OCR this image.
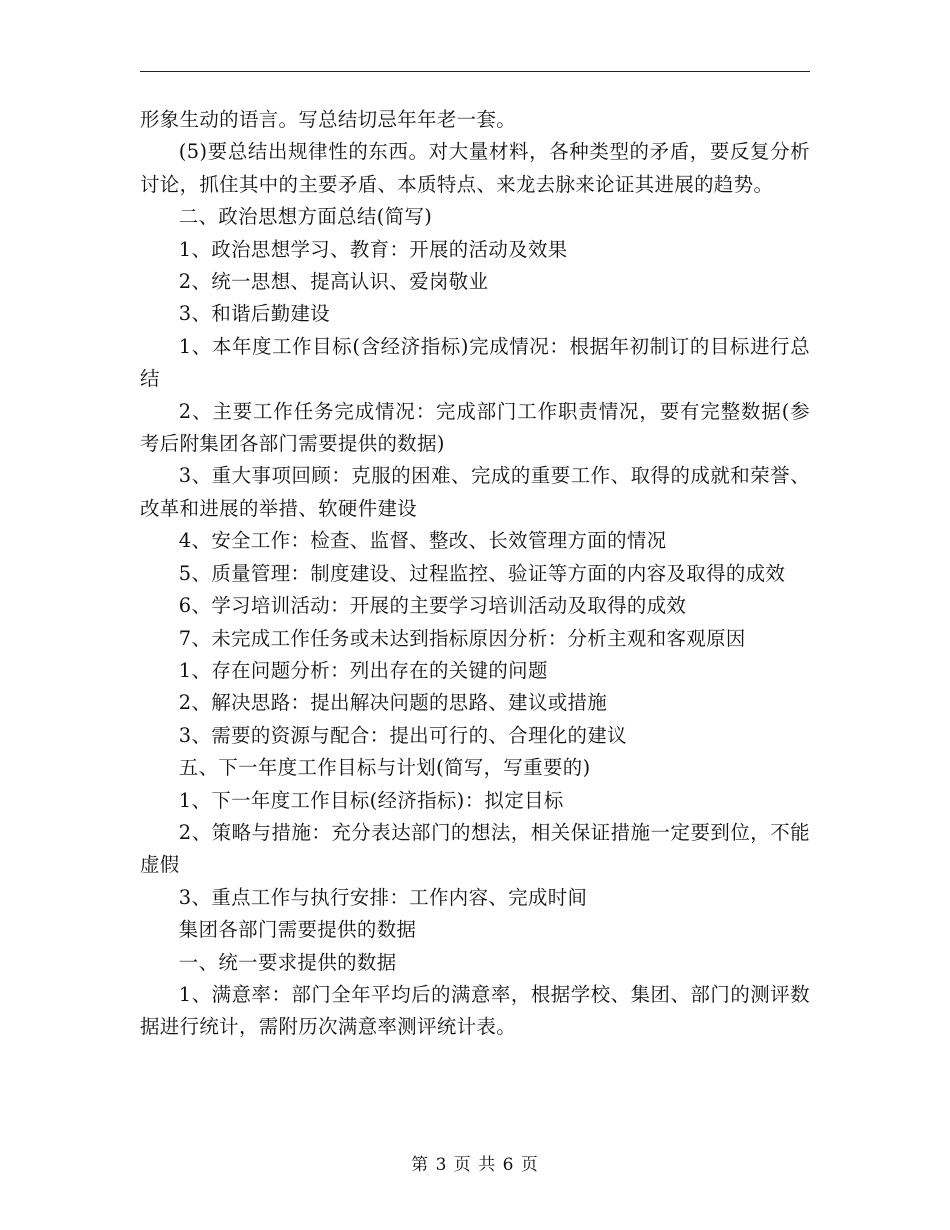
形象生动的语言。写总结切忌年年老一套。

(5)要总结出规律性的东西。对大量材料，各种类型的矛盾，要反复分析讨论，抓住其中的主要矛盾、本质特点、来龙去脉来论证其进展的趋势。

二、政治思想方面总结(简写)

1、政治思想学习、教育：开展的活动及效果

2、统一思想、提高认识、爱岗敬业

3、和谐后勤建设

1、本年度工作目标(含经济指标)完成情况：根据年初制订的目标进行总结

2、主要工作任务完成情况：完成部门工作职责情况，要有完整数据(参考后附集团各部门需要提供的数据)

3、重大事项回顾：克服的困难、完成的重要工作、取得的成就和荣誉、改革和进展的举措、软硬件建设

4、安全工作：检查、监督、整改、长效管理方面的情况

5、质量管理：制度建设、过程监控、验证等方面的内容及取得的成效

6、学习培训活动：开展的主要学习培训活动及取得的成效

7、未完成工作任务或未达到指标原因分析：分析主观和客观原因

1、存在问题分析：列出存在的关键的问题

2、解决思路：提出解决问题的思路、建议或措施

3、需要的资源与配合：提出可行的、合理化的建议

五、下一年度工作目标与计划(简写，写重要的)

1、下一年度工作目标(经济指标)：拟定目标

2、策略与措施：充分表达部门的想法，相关保证措施一定要到位，不能虚假

3、重点工作与执行安排：工作内容、完成时间

集团各部门需要提供的数据

一、统一要求提供的数据

1、满意率：部门全年平均后的满意率，根据学校、集团、部门的测评数据进行统计，需附历次满意率测评统计表。

第 3 页 共 6 页
